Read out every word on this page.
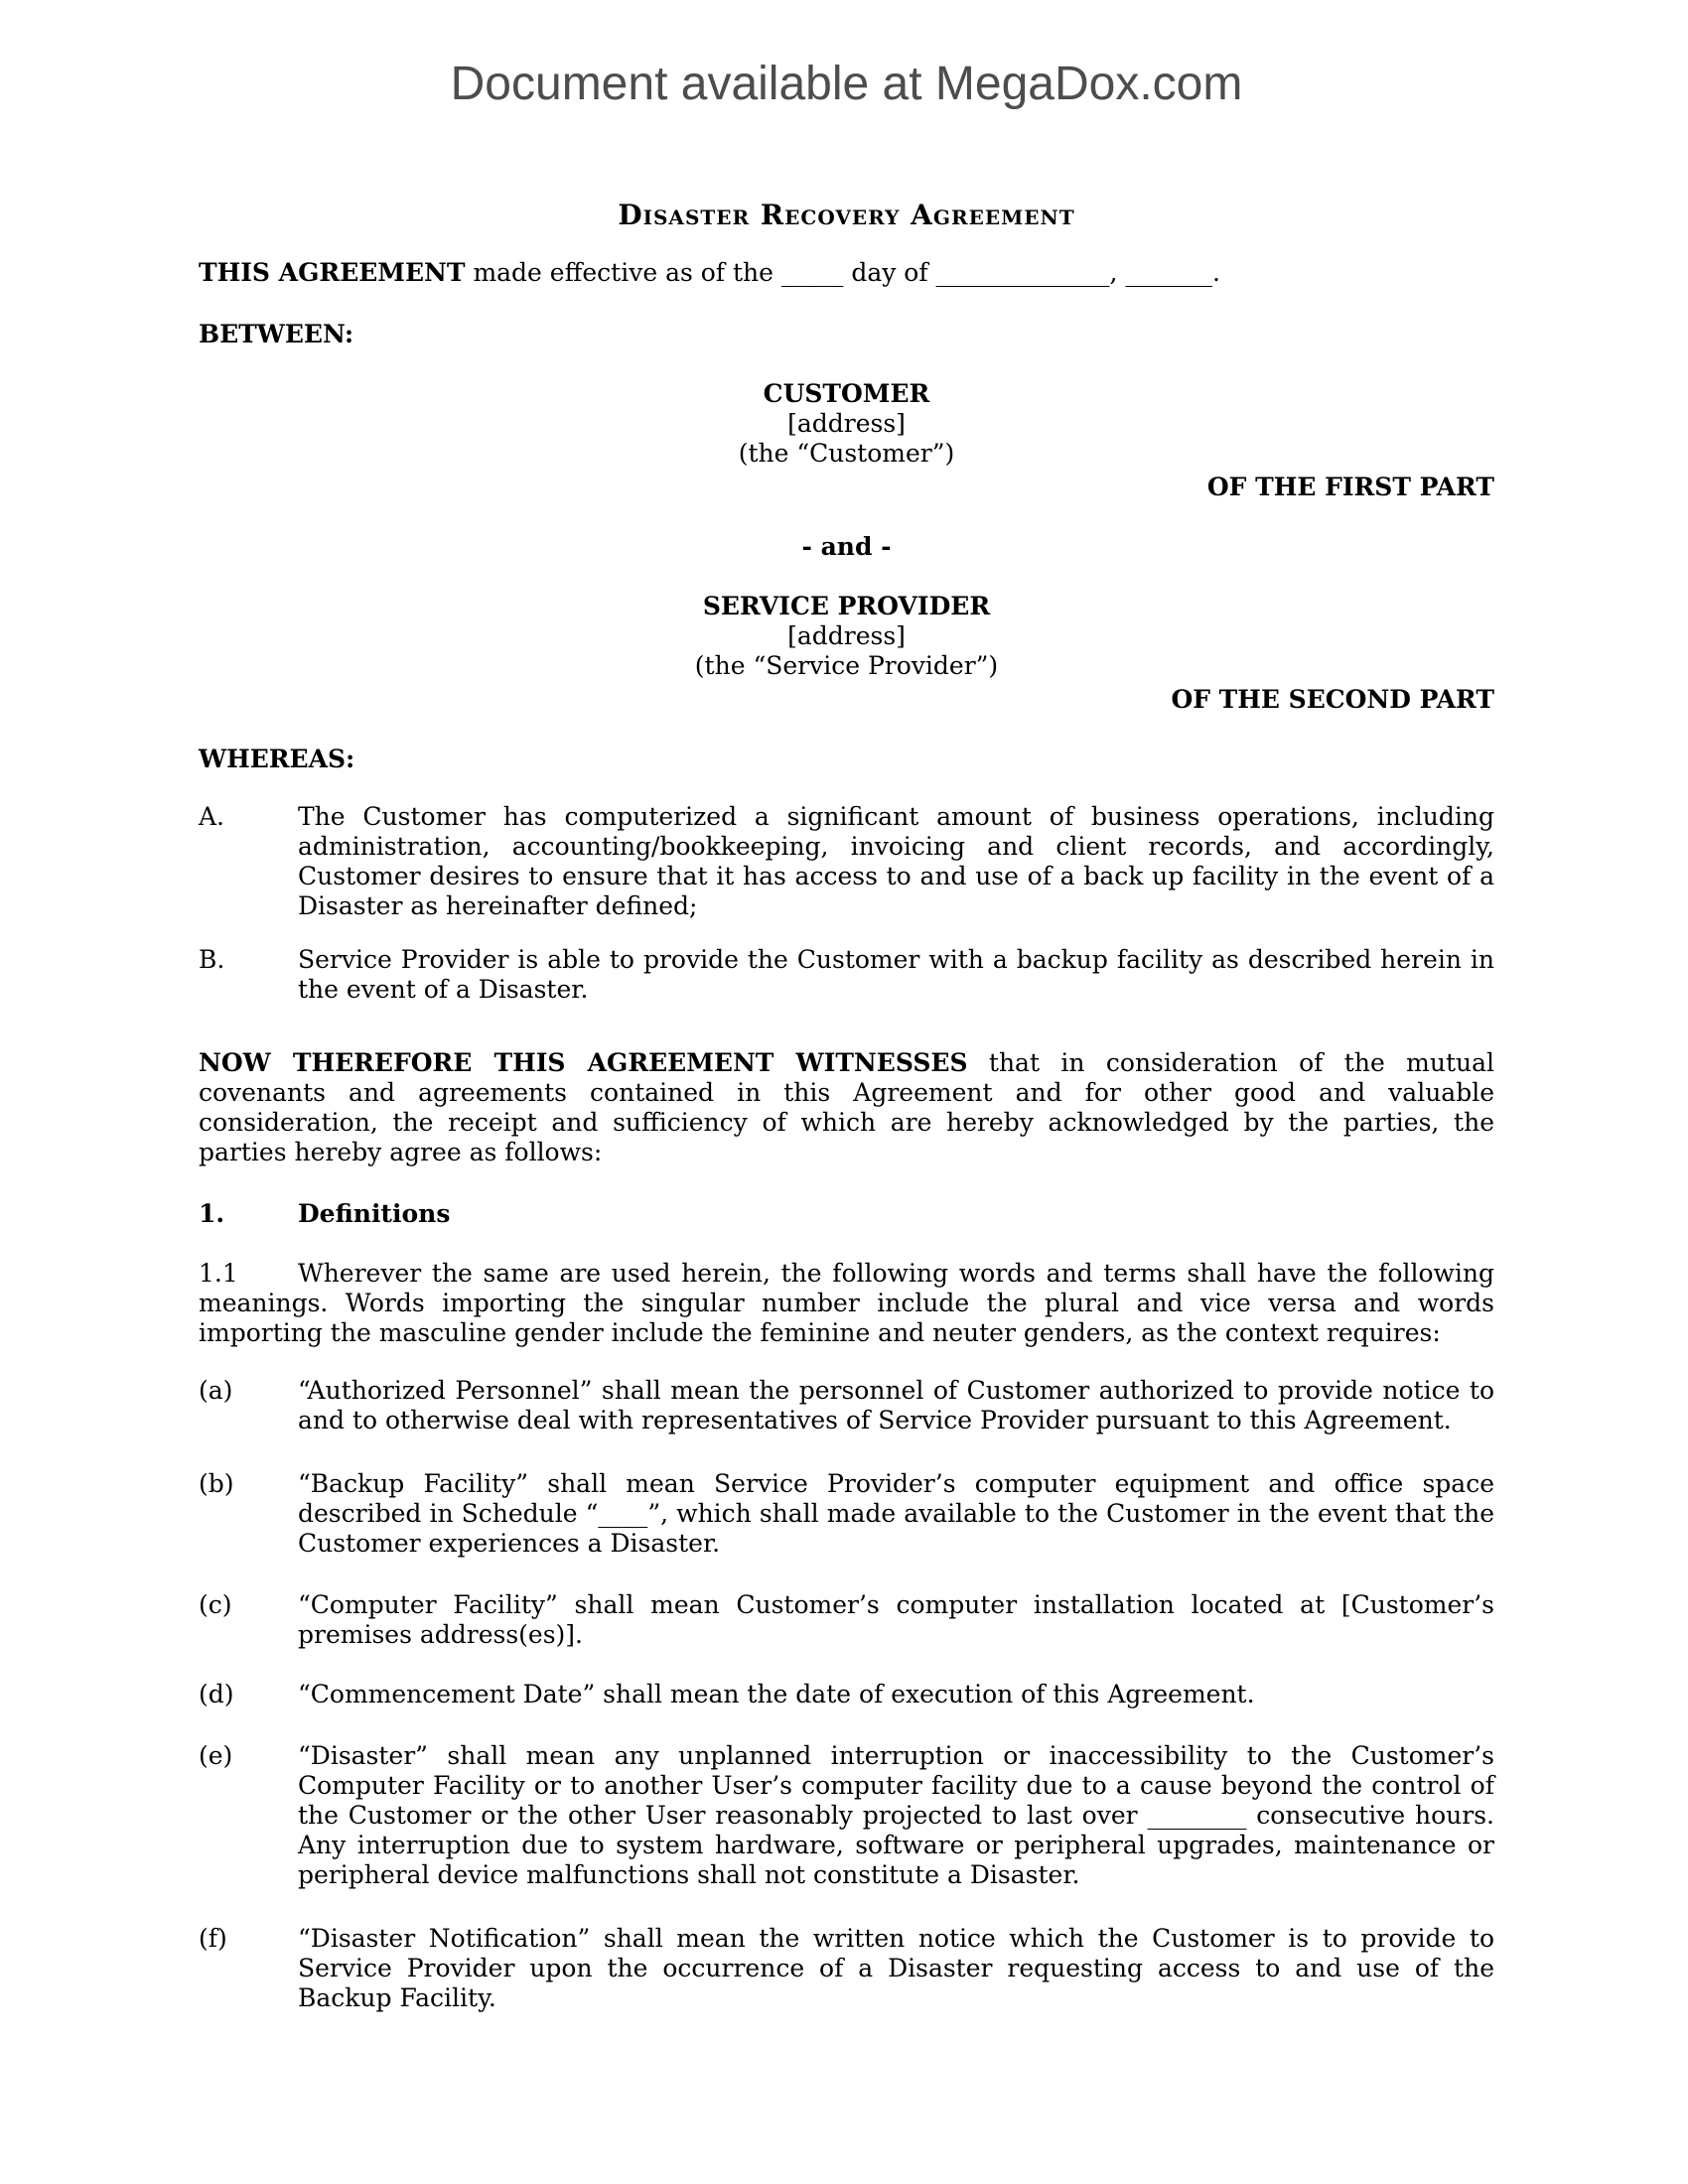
Document available at MegaDox.com
Disaster Recovery Agreement

THIS AGREEMENT made effective as of the _____ day of ______________, _______.

BETWEEN:

CUSTOMER
[address]
(the “Customer”)
OF THE FIRST PART
- and -
SERVICE PROVIDER
[address]
(the “Service Provider”)
OF THE SECOND PART

WHEREAS:

A.	The Customer has computerized a significant amount of business operations, including administration, accounting/bookkeeping, invoicing and client records, and accordingly, Customer desires to ensure that it has access to and use of a back up facility in the event of a Disaster as hereinafter defined;
B.	Service Provider is able to provide the Customer with a backup facility as described herein in the event of a Disaster.

NOW THEREFORE THIS AGREEMENT WITNESSES that in consideration of the mutual covenants and agreements contained in this Agreement and for other good and valuable consideration, the receipt and sufficiency of which are hereby acknowledged by the parties, the parties hereby agree as follows:

1.	Definitions

1.1 Wherever the same are used herein, the following words and terms shall have the following meanings. Words importing the singular number include the plural and vice versa and words importing the masculine gender include the feminine and neuter genders, as the context requires:

(a)	“Authorized Personnel” shall mean the personnel of Customer authorized to provide notice to and to otherwise deal with representatives of Service Provider pursuant to this Agreement.
(b)	“Backup Facility” shall mean Service Provider’s computer equipment and office space described in Schedule “____”, which shall made available to the Customer in the event that the Customer experiences a Disaster.
(c)	“Computer Facility” shall mean Customer’s computer installation located at [Customer’s premises address(es)].
(d)	“Commencement Date” shall mean the date of execution of this Agreement.
(e)	“Disaster” shall mean any unplanned interruption or inaccessibility to the Customer’s Computer Facility or to another User’s computer facility due to a cause beyond the control of the Customer or the other User reasonably projected to last over ________ consecutive hours. Any interruption due to system hardware, software or peripheral upgrades, maintenance or peripheral device malfunctions shall not constitute a Disaster.
(f)	“Disaster Notification” shall mean the written notice which the Customer is to provide to Service Provider upon the occurrence of a Disaster requesting access to and use of the Backup Facility.
